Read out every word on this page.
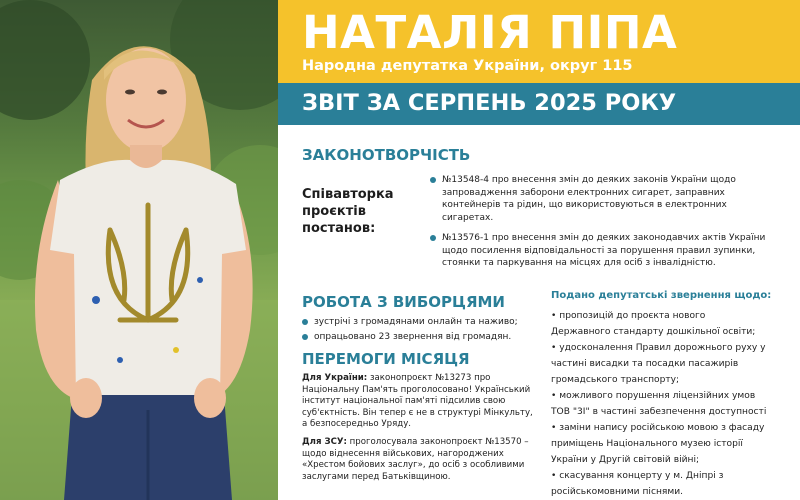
НАТАЛІЯ ПІПА
Народна депутатка України, округ 115
ЗВІТ ЗА СЕРПЕНЬ 2025 РОКУ
ЗАКОНОТВОРЧІСТЬ
Співавторка проєктів постанов:
№13548-4 про внесення змін до деяких законів України щодо запровадження заборони електронних сигарет, заправних контейнерів та рідин, що використовуються в електронних сигаретах.
№13576-1 про внесення змін до деяких законодавчих актів України щодо посилення відповідальності за порушення правил зупинки, стоянки та паркування на місцях для осіб з інвалідністю.
РОБОТА З ВИБОРЦЯМИ
зустрічі з громадянами онлайн та наживо;
опрацьовано 23 звернення від громадян.
ПЕРЕМОГИ МІСЯЦЯ
Для України: законопроєкт №13273 про Національну Пам'ять проголосовано! Український інститут національної пам'яті підсилив свою суб'єктність. Він тепер є не в структурі Мінкульту, а безпосередньо Уряду.
Для ЗСУ: проголосувала законопроєкт №13570 – щодо віднесення військових, нагороджених «Хрестом бойових заслуг», до осіб з особливими заслугами перед Батьківщиною.
Подано депутатські звернення щодо:
• пропозицій до проєкта нового
Державного стандарту дошкільної освіти;
• удосконалення Правил дорожнього руху у
частині висадки та посадки пасажирів
громадського транспорту;
• можливого порушення ліцензійних умов
ТОВ "3І" в частині забезпечення доступності
• заміни напису російською мовою з фасаду
приміщень Національного музею історії
України у Другій світовій війні;
• скасування концерту у м. Дніпрі з
російськомовними піснями.
